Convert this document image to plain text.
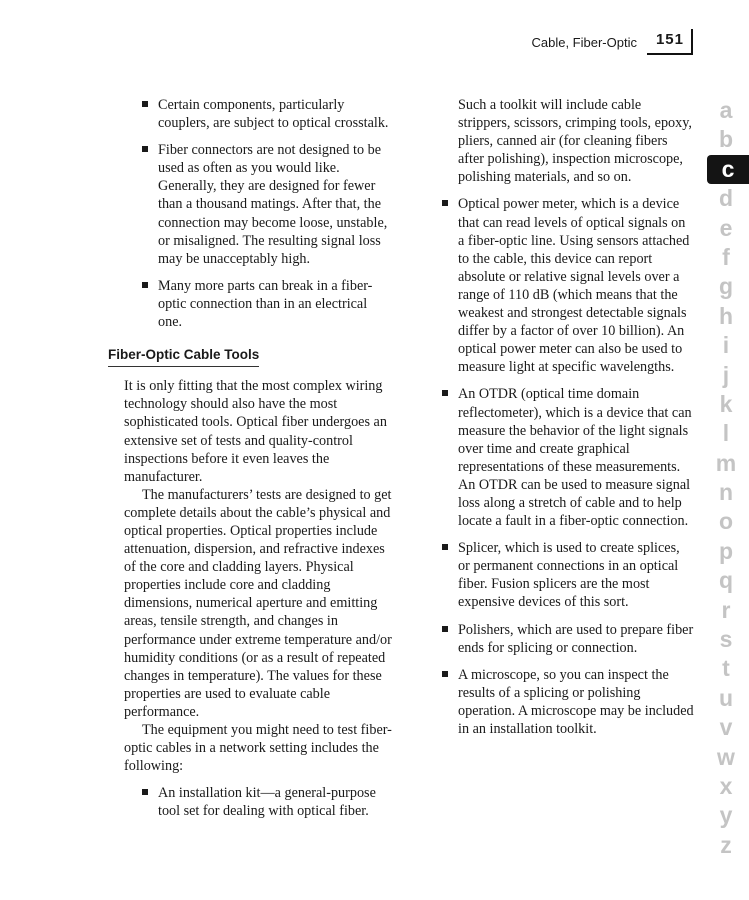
Cable, Fiber-Optic	151
Certain components, particularly couplers, are subject to optical crosstalk.
Fiber connectors are not designed to be used as often as you would like. Generally, they are designed for fewer than a thousand matings. After that, the connection may become loose, unstable, or misaligned. The resulting signal loss may be unacceptably high.
Many more parts can break in a fiber-optic connection than in an electrical one.
Fiber-Optic Cable Tools

It is only fitting that the most complex wiring technology should also have the most sophisticated tools. Optical fiber undergoes an extensive set of tests and quality-control inspections before it even leaves the manufacturer.

The manufacturers’ tests are designed to get complete details about the cable’s physical and optical properties. Optical properties include attenuation, dispersion, and refractive indexes of the core and cladding layers. Physical properties include core and cladding dimensions, numerical aperture and emitting areas, tensile strength, and changes in performance under extreme temperature and/or humidity conditions (or as a result of repeated changes in temperature). The values for these properties are used to evaluate cable performance.

The equipment you might need to test fiber-optic cables in a network setting includes the following:

An installation kit—a general-purpose tool set for dealing with optical fiber.

Such a toolkit will include cable strippers, scissors, crimping tools, epoxy, pliers, canned air (for cleaning fibers after polishing), inspection microscope, polishing materials, and so on.

Optical power meter, which is a device that can read levels of optical signals on a fiber-optic line. Using sensors attached to the cable, this device can report absolute or relative signal levels over a range of 110 dB (which means that the weakest and strongest detectable signals differ by a factor of over 10 billion). An optical power meter can also be used to measure light at specific wavelengths.
An OTDR (optical time domain reflectometer), which is a device that can measure the behavior of the light signals over time and create graphical representations of these measurements. An OTDR can be used to measure signal loss along a stretch of cable and to help locate a fault in a fiber-optic connection.
Splicer, which is used to create splices, or permanent connections in an optical fiber. Fusion splicers are the most expensive devices of this sort.
Polishers, which are used to prepare fiber ends for splicing or connection.
A microscope, so you can inspect the results of a splicing or polishing operation. A microscope may be included in an installation toolkit.
a
b
c
d
e
f
g
h
i
j
k
l
m
n
o
p
q
r
s
t
u
v
w
x
y
z
